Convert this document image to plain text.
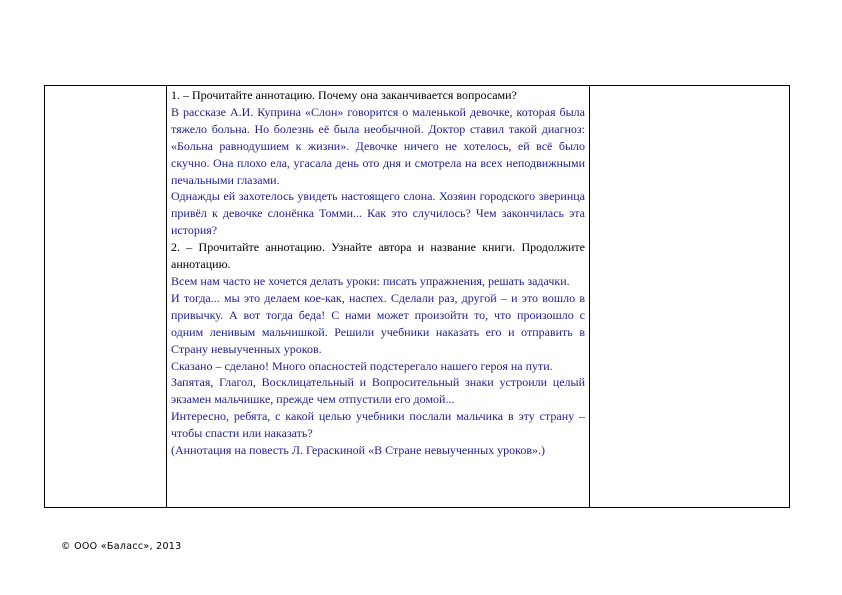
1. – Прочитайте аннотацию. Почему она заканчивается вопросами?
В рассказе А.И. Куприна «Слон» говорится о маленькой девочке, которая была тяжело больна. Но болезнь её была необычной. Доктор ставил такой диагноз: «Больна равнодушием к жизни». Девочке ничего не хотелось, ей всё было скучно. Она плохо ела, угасала день ото дня и смотрела на всех неподвижными печальными глазами.
Однажды ей захотелось увидеть настоящего слона. Хозяин городского зверинца привёл к девочке слонёнка Томми... Как это случилось? Чем закончилась эта история?
2. – Прочитайте аннотацию. Узнайте автора и название книги. Продолжите аннотацию.
Всем нам часто не хочется делать уроки: писать упражнения, решать задачки.
И тогда... мы это делаем кое-как, наспех. Сделали раз, другой – и это вошло в привычку. А вот тогда беда! С нами может произойти то, что произошло с одним ленивым мальчишкой. Решили учебники наказать его и отправить в Страну невыученных уроков.
Сказано – сделано! Много опасностей подстерегало нашего героя на пути.
Запятая, Глагол, Восклицательный и Вопросительный знаки устроили целый экзамен мальчишке, прежде чем отпустили его домой...
Интересно, ребята, с какой целью учебники послали мальчика в эту страну – чтобы спасти или наказать?
(Аннотация на повесть Л. Гераскиной «В Стране невыученных уроков».)

© ООО «Баласс», 2013
